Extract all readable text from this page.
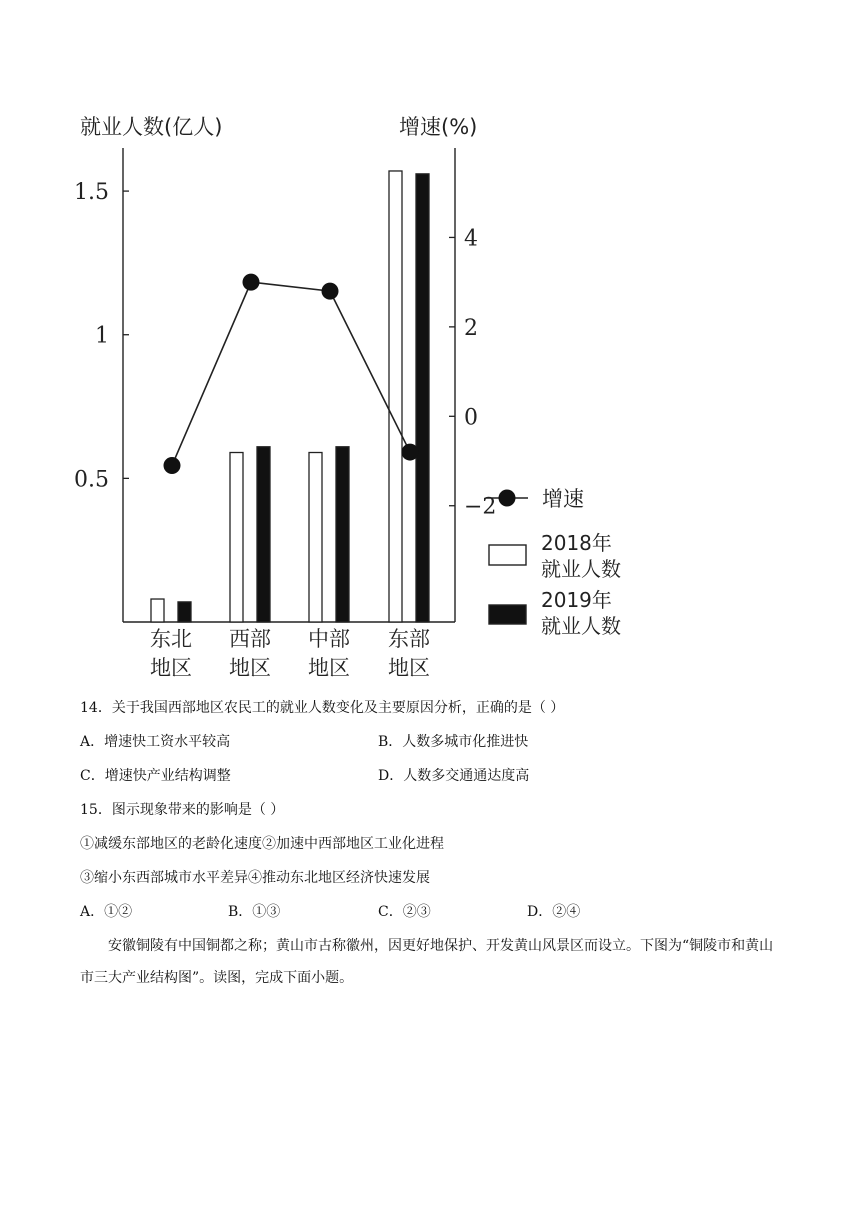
0.5
1
1.5
−2
0
2
4
就业人数(亿人)	增速(%)
东北
地区
西部
地区
中部
地区
东部
地区
增速
2018年
就业人数
2019年
就业人数
14．关于我国西部地区农民工的就业人数变化及主要原因分析，正确的是（ ）
A．增速快工资水平较高	B．人数多城市化推进快
C．增速快产业结构调整	D．人数多交通通达度高
15．图示现象带来的影响是（ ）
①减缓东部地区的老龄化速度②加速中西部地区工业化进程
③缩小东西部城市水平差异④推动东北地区经济快速发展
A．①②	B．①③	C．②③	D．②④
安徽铜陵有中国铜都之称；黄山市古称徽州，因更好地保护、开发黄山风景区而设立。下图为“铜陵市和黄山市三大产业结构图”。读图，完成下面小题。
